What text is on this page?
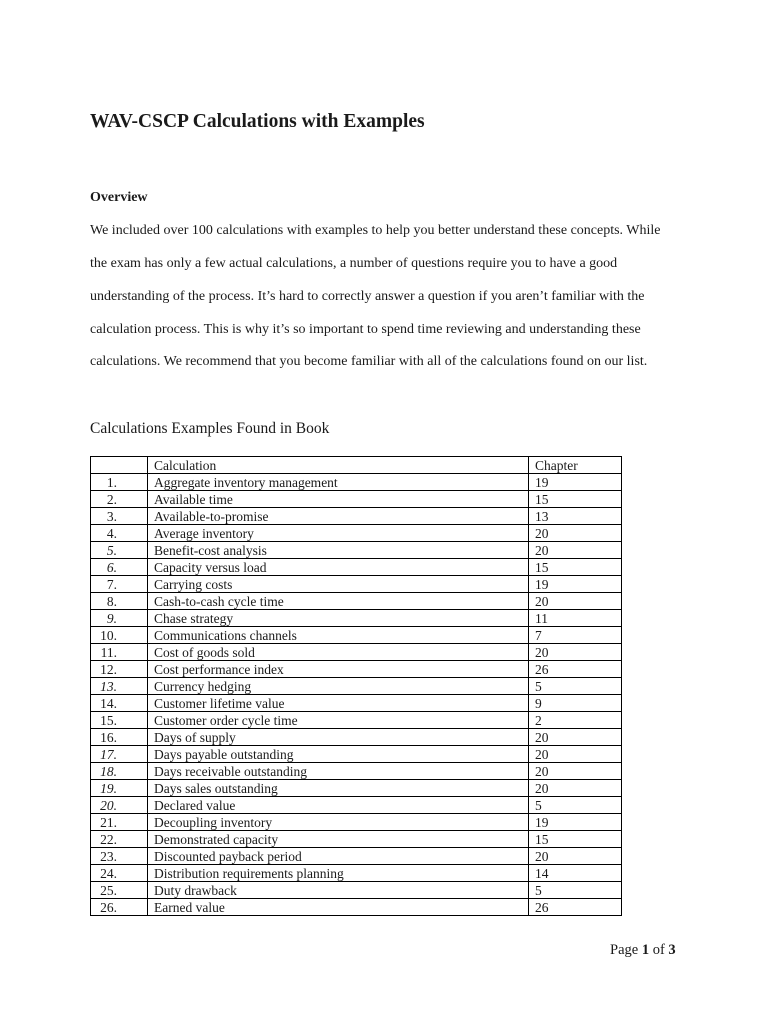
WAV-CSCP Calculations with Examples
Overview
We included over 100 calculations with examples to help you better understand these concepts. While
the exam has only a few actual calculations, a number of questions require you to have a good
understanding of the process. It’s hard to correctly answer a question if you aren’t familiar with the
calculation process. This is why it’s so important to spend time reviewing and understanding these
calculations. We recommend that you become familiar with all of the calculations found on our list.
Calculations Examples Found in Book
	Calculation	Chapter
1.	Aggregate inventory management	19
2.	Available time	15
3.	Available-to-promise	13
4.	Average inventory	20
5.	Benefit-cost analysis	20
6.	Capacity versus load	15
7.	Carrying costs	19
8.	Cash-to-cash cycle time	20
9.	Chase strategy	11
10.	Communications channels	7
11.	Cost of goods sold	20
12.	Cost performance index	26
13.	Currency hedging	5
14.	Customer lifetime value	9
15.	Customer order cycle time	2
16.	Days of supply	20
17.	Days payable outstanding	20
18.	Days receivable outstanding	20
19.	Days sales outstanding	20
20.	Declared value	5
21.	Decoupling inventory	19
22.	Demonstrated capacity	15
23.	Discounted payback period	20
24.	Distribution requirements planning	14
25.	Duty drawback	5
26.	Earned value	26
Page 1 of 3
